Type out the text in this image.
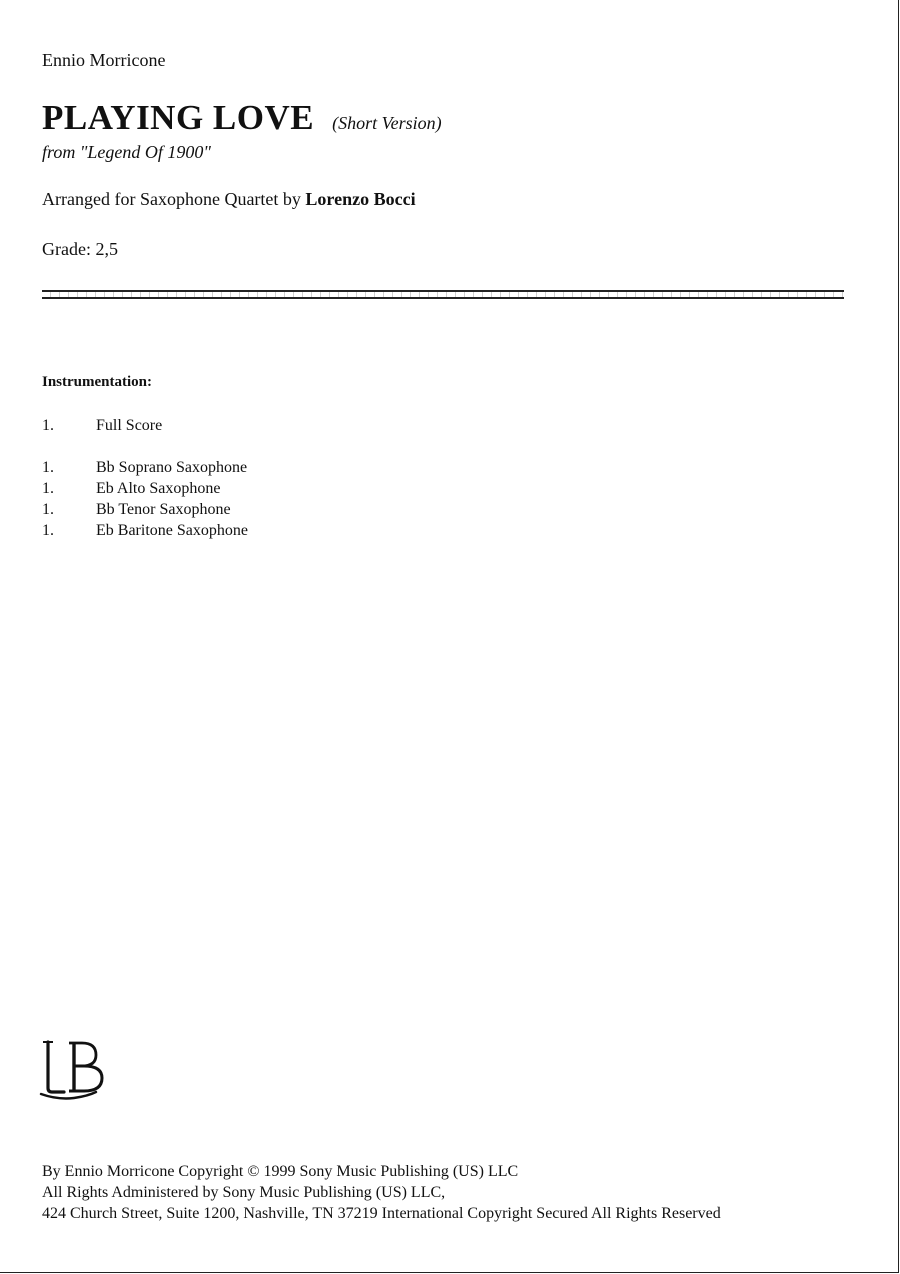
Ennio Morricone
PLAYING LOVE (Short Version)
from "Legend Of 1900"
Arranged for Saxophone Quartet by Lorenzo Bocci
Grade: 2,5
Instrumentation:
1.	Full Score
1.	Bb Soprano Saxophone
1.	Eb Alto Saxophone
1.	Bb Tenor Saxophone
1.	Eb Baritone Saxophone
By Ennio Morricone Copyright © 1999 Sony Music Publishing (US) LLC
All Rights Administered by Sony Music Publishing (US) LLC,
424 Church Street, Suite 1200, Nashville, TN 37219 International Copyright Secured All Rights Reserved
